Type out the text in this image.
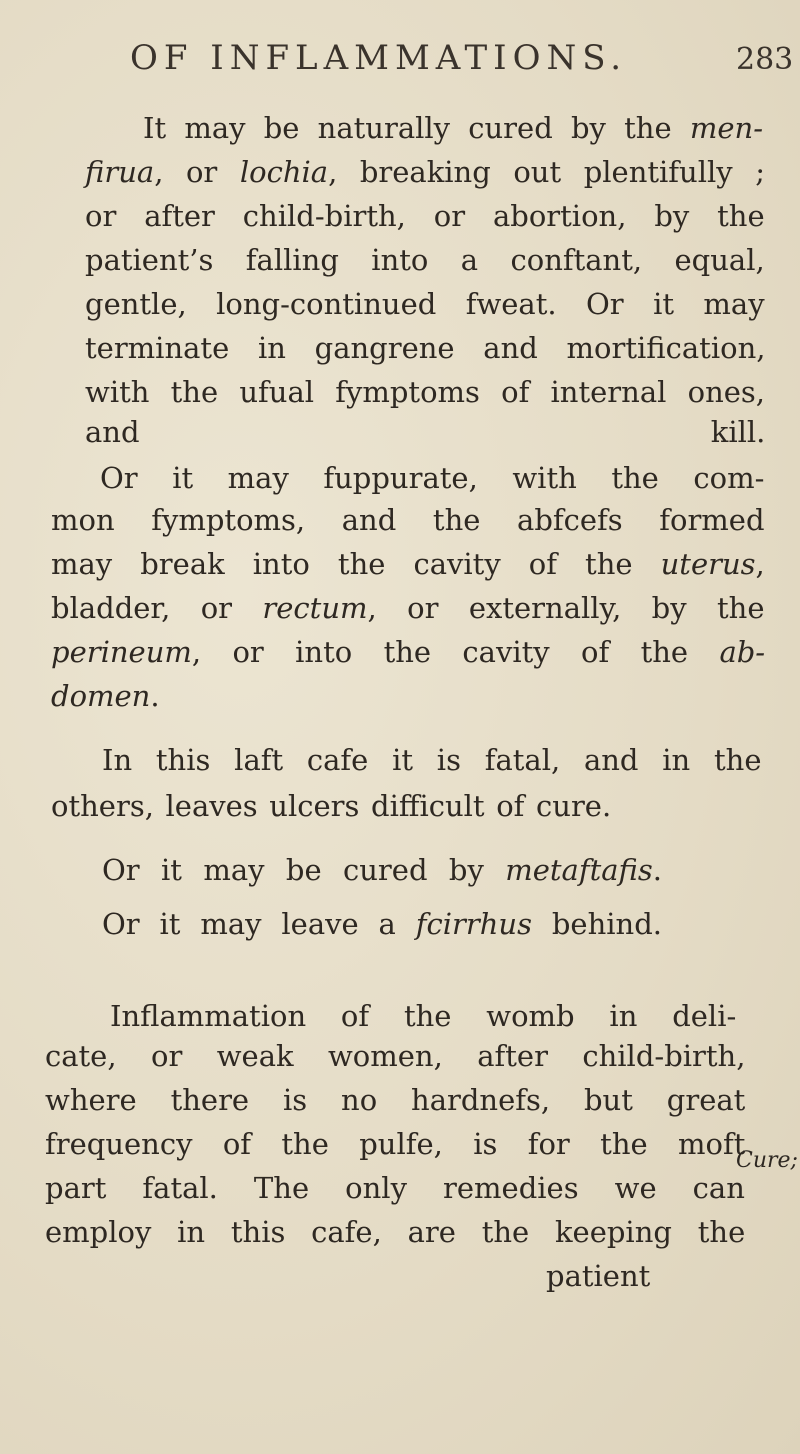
OF INFLAMMATIONS.	283
Cure;
It may be naturally cured by the men-
firua, or lochia, breaking out plentifully ;
or after child-birth, or abortion, by the
patient’s falling into a conftant, equal,
gentle, long-continued fweat. Or it may
terminate in gangrene and mortification,
with the ufual fymptoms of internal ones,
and kill.
Or it may fuppurate, with the com-
mon fymptoms, and the abfcefs formed
may break into the cavity of the uterus,
bladder, or rectum, or externally, by the
perineum, or into the cavity of the ab-
domen.
In this laft cafe it is fatal, and in the
others, leaves ulcers difficult of cure.
Or it may be cured by metaftafis.
Or it may leave a fcirrhus behind.
Inflammation of the womb in deli-
cate, or weak women, after child-birth,
where there is no hardnefs, but great
frequency of the pulfe, is for the moft
part fatal. The only remedies we can
employ in this cafe, are the keeping the
patient
